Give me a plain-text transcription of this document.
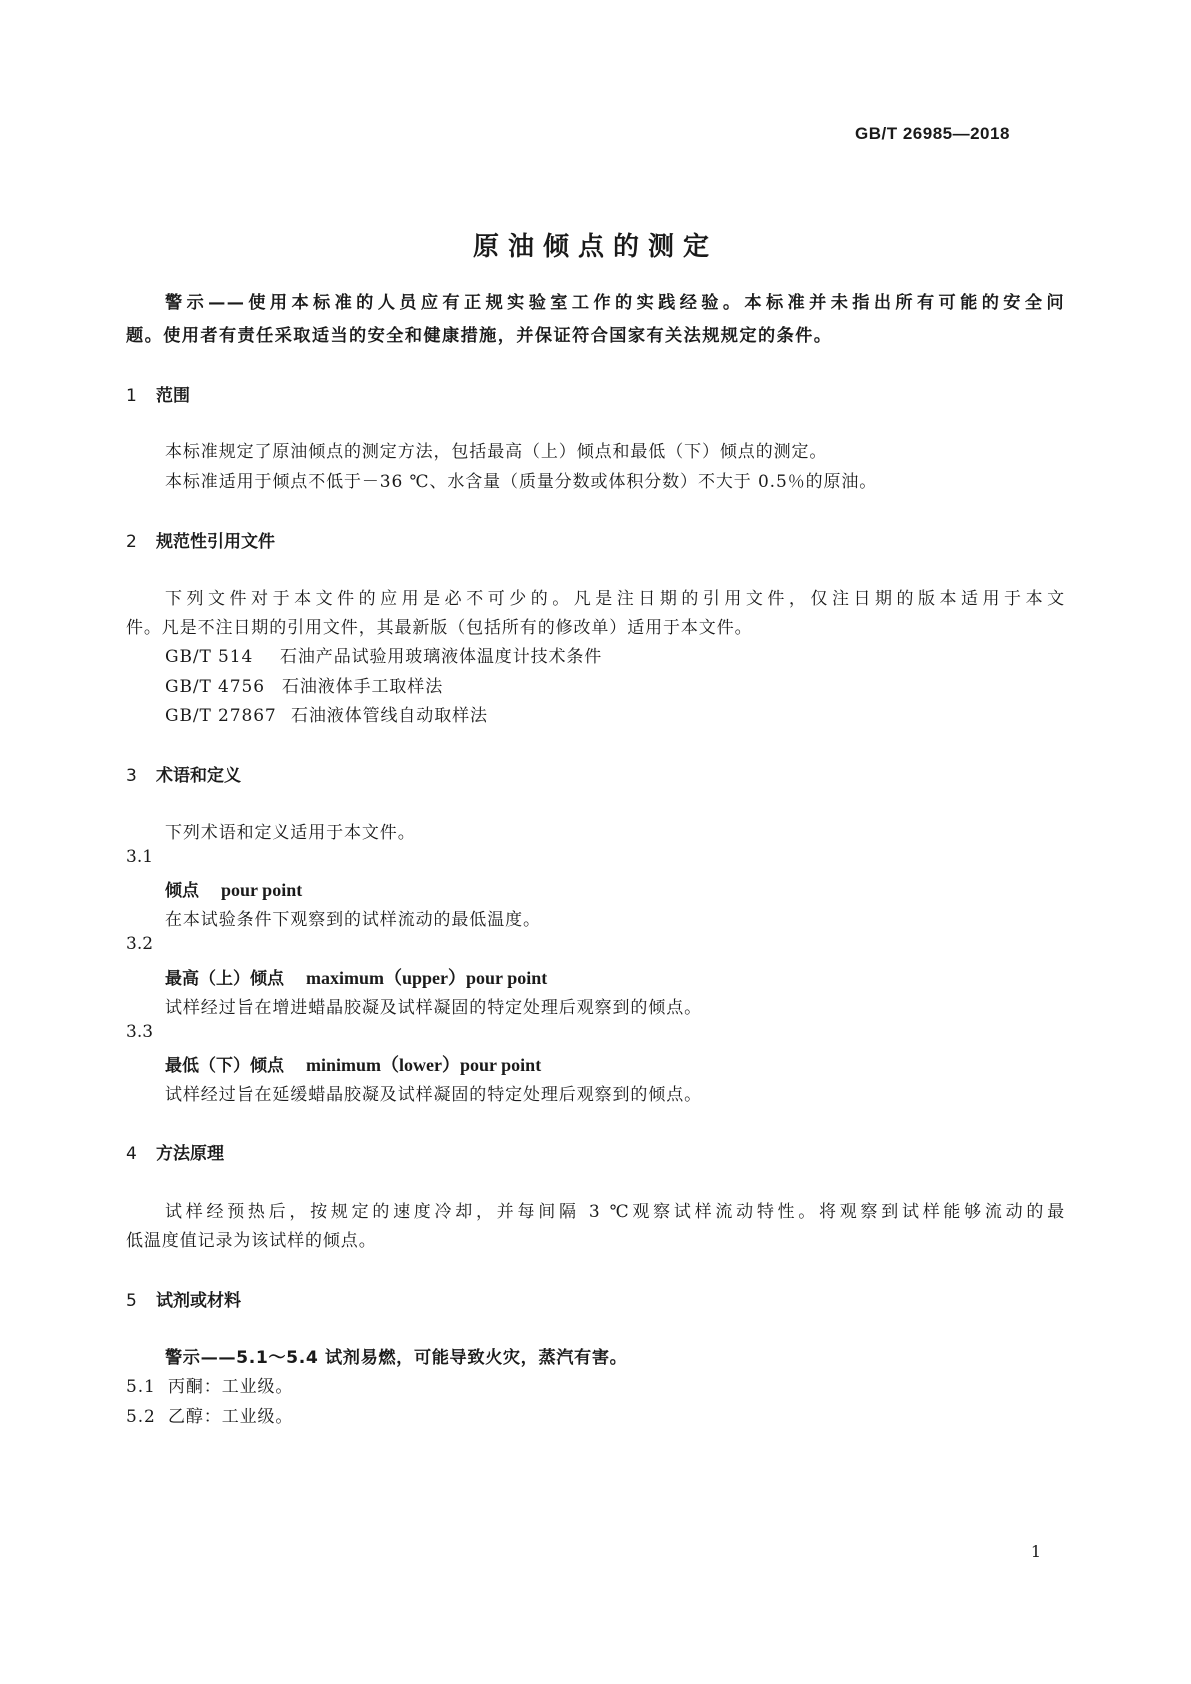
GB/T 26985—2018
原油倾点的测定
警示——使用本标准的人员应有正规实验室工作的实践经验。本标准并未指出所有可能的安全问
题。使用者有责任采取适当的安全和健康措施，并保证符合国家有关法规规定的条件。
1 范围
本标准规定了原油倾点的测定方法，包括最高（上）倾点和最低（下）倾点的测定。
本标准适用于倾点不低于－36 ℃、水含量（质量分数或体积分数）不大于 0.5％的原油。
2 规范性引用文件
下列文件对于本文件的应用是必不可少的。凡是注日期的引用文件，仅注日期的版本适用于本文
件。凡是不注日期的引用文件，其最新版（包括所有的修改单）适用于本文件。
GB/T 514 石油产品试验用玻璃液体温度计技术条件
GB/T 4756 石油液体手工取样法
GB/T 27867 石油液体管线自动取样法
3 术语和定义
下列术语和定义适用于本文件。
3.1
倾点 pour point
在本试验条件下观察到的试样流动的最低温度。
3.2
最高（上）倾点 maximum（upper）pour point
试样经过旨在增进蜡晶胶凝及试样凝固的特定处理后观察到的倾点。
3.3
最低（下）倾点 minimum（lower）pour point
试样经过旨在延缓蜡晶胶凝及试样凝固的特定处理后观察到的倾点。
4 方法原理
试样经预热后，按规定的速度冷却，并每间隔 3 ℃观察试样流动特性。将观察到试样能够流动的最
低温度值记录为该试样的倾点。
5 试剂或材料
警示——5.1～5.4 试剂易燃，可能导致火灾，蒸汽有害。
5.1 丙酮：工业级。
5.2 乙醇：工业级。
1
